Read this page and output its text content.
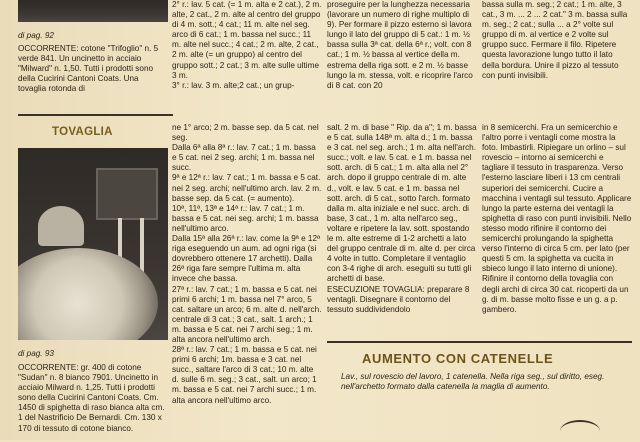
di pag. 92
OCCORRENTE: cotone "Trifoglio" n. 5 verde 841. Un uncinetto in acciaio "Milward" n. 1,50. Tutti i prodotti sono della Cucirini Cantoni Coats. Una tovaglia rotonda di
2° r.: lav. 5 cat. (= 1 m. alta e 2 cat.), 2 m. alte, 2 cat., 2 m. alte al centro del gruppo di 4 m. sott.; 4 cat.; 11 m. alte nel seg. arco di 6 cat.; 1 m. bassa nel succ.; 11 m. alte nel succ.; 4 cat.; 2 m. alte, 2 cat., 2 m. alte (= un gruppo) al centro del gruppo sott.; 2 cat.; 3 m. alte sulle ultime 3 m.
3° r.: lav. 3 m. alte;2 cat.; un grup-
proseguire per la lunghezza necessaria (lavorare un numero di righe multiplo di 9). Per formare il pizzo esterno si lavora lungo il lato del gruppo di 5 cat.: 1 m. ½ bassa sulla 3ª cat. della 6ª r.; volt. con 8 cat.; 1 m. ½ bassa al vertice della m. estrema della riga sott. e 2 m. ½ basse lungo la m. stessa, volt. e ricoprire l'arco di 8 cat. con 20
bassa sulla m. seg.; 2 cat.; 1 m. alte, 3 cat., 3 m. ... 2 ... 2 cat." 3 m. bassa sulla m. seg.; 2 cat.; sulla ... a 2° volte sul gruppo di m. al vertice e 2 volte sul gruppo succ. Fermare il filo. Ripetere questa lavorazione lungo tutto il lato della bordura. Unire il pizzo al tessuto con punti invisibili.
TOVAGLIA
di pag. 93
OCCORRENTE: gr. 400 di cotone "Sudan" n. 8 bianco 7901. Uncinetto in acciaio Milward n. 1,25. Tutti i prodotti sono della Cucirini Cantoni Coats. Cm. 1450 di spighetta di raso bianca alta cm. 1 del Nastrificio De Bernardi. Cm. 130 x 170 di tessuto di cotone bianco.
ne 1° arco; 2 m. basse sep. da 5 cat. nel seg.
Dalla 6ª alla 8ª r.: lav. 7 cat.; 1 m. bassa e 5 cat. nei 2 seg. archi; 1 m. bassa nel succ.
9ª e 12ª r.: lav. 7 cat.; 1 m. bassa e 5 cat. nei 2 seg. archi; nell'ultimo arch. lav. 2 m. basse sep. da 5 cat. (= aumento).
10ª, 11ª, 13ª e 14ª r.: lav. 7 cat.; 1 m. bassa e 5 cat. nei seg. archi; 1 m. bassa nell'ultimo arco.
Dalla 15ª alla 26ª r.: lav. come la 9ª e 12ª riga eseguendo un aum. ad ogni riga (si dovrebbero ottenere 17 archetti). Dalla 26ª riga fare sempre l'ultima m. alta invece che bassa.
27ª r.: lav. 7 cat.; 1 m. bassa e 5 cat. nei primi 6 archi; 1 m. bassa nel 7° arco, 5 cat. saltare un arco; 6 m. alte d. nell'arch. centrale di 3 cat.; 3 cat., salt. 1 arch.; 1 m. bassa e 5 cat. nei 7 archi seg.; 1 m. alta ancora nell'ultimo arch.
28ª r.: lav. 7 cat.; 1 m. bassa e 5 cat. nei primi 6 archi; 1m. bassa e 3 cat. nel succ., saltare l'arco di 3 cat.; 10 m. alte d. sulle 6 m. seg.; 3 cat., salt. un arco; 1 m. bassa e 5 cat. nei 7 archi succ.; 1 m. alta ancora nell'ultimo arco.
salt. 2 m. di base " Rip. da a"; 1 m. bassa e 5 cat. sulla 148ª m. alta d.; 1 m. bassa e 3 cat. nel seg. arch.; 1 m. alta nell'arch. succ.; volt. e lav. 5 cat. e 1 m. bassa nel sott. arch. di 5 cat.; 1 m. alta alla nel 2° arch. dopo il gruppo centrale di m. alte d., volt. e lav. 5 cat. e 1 m. bassa nel sott. arch. di 5 cat., sotto l'arch. formato dalla m. alta iniziale e nel succ. arch. di base, 3 cat., 1 m. alta nell'arco seg., voltare e ripetere la lav. sott. spostando le m. alte estreme di 1-2 archetti a lato del gruppo centrale di m. alte d. per circa 4 volte in tutto. Completare il ventaglio con 3-4 righe di arch. eseguiti su tutti gli archetti di base.
ESECUZIONE TOVAGLIA: preparare 8 ventagli. Disegnare il contorno del tessuto suddividendolo
in 8 semicerchi. Fra un semicerchio e l'altro porre i ventagli come mostra la foto. Imbastirli. Ripiegare un orlino – sul rovescio – intorno ai semicerchi e tagliare il tessuto in trasparenza. Verso l'esterno lasciare liberi i 13 cm centrali superiori dei semicerchi. Cucire a macchina i ventagli sul tessuto. Applicare lungo la parte esterna dei ventagli la spighetta di raso con punti invisibili. Nello stesso modo rifinire il contorno dei semicerchi prolungando la spighetta verso l'interno di circa 5 cm. per lato (per questi 5 cm. la spighetta va cucita in sbieco lungo il lato interno di unione).
Rifinire il contorno della tovaglia con degli archi di circa 30 cat. ricoperti da un g. di m. basse molto fisse e un g. a p. gambero.
AUMENTO CON CATENELLE
Lav., sul rovescio del lavoro, 1 catenella. Nella riga seg., sul diritto, eseg. nell'archetto formato dalla catenella la maglia di aumento.
